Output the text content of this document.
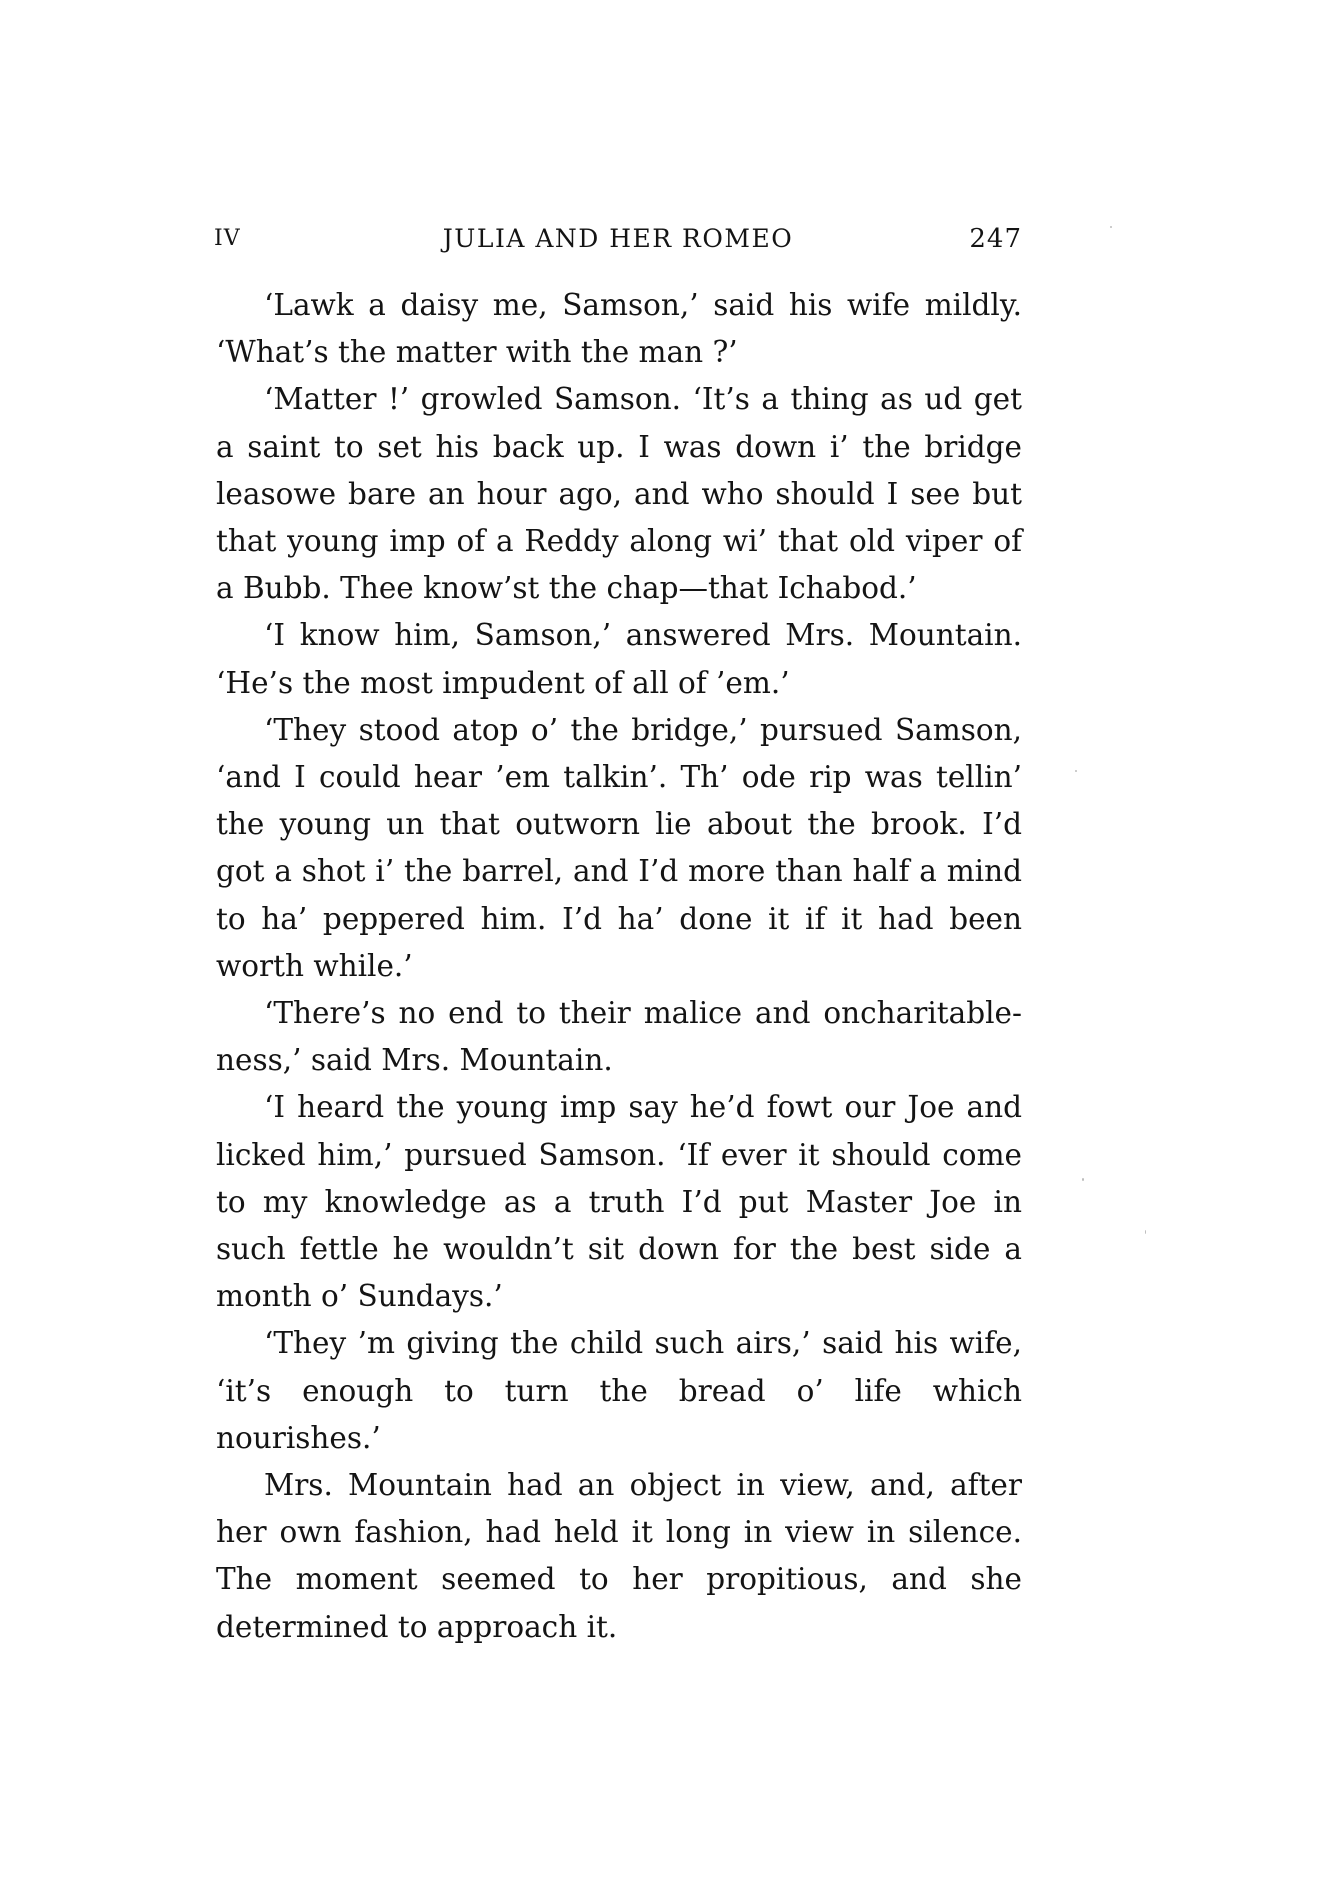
IV	JULIA AND HER ROMEO	247

‘Lawk a daisy me, Samson,’ said his wife mildly. ‘What’s the matter with the man ?’

‘Matter !’ growled Samson. ‘It’s a thing as ud get a saint to set his back up. I was down i’ the bridge leasowe bare an hour ago, and who should I see but that young imp of a Reddy along wi’ that old viper of a Bubb. Thee know’st the chap—that Ichabod.’

‘I know him, Samson,’ answered Mrs. Mountain. ‘He’s the most impudent of all of ’em.’

‘They stood atop o’ the bridge,’ pursued Samson, ‘and I could hear ’em talkin’. Th’ ode rip was tellin’ the young un that outworn lie about the brook. I’d got a shot i’ the barrel, and I’d more than half a mind to ha’ peppered him. I’d ha’ done it if it had been worth while.’

‘There’s no end to their malice and oncharitableness,’ said Mrs. Mountain.

‘I heard the young imp say he’d fowt our Joe and licked him,’ pursued Samson. ‘If ever it should come to my knowledge as a truth I’d put Master Joe in such fettle he wouldn’t sit down for the best side a month o’ Sundays.’

‘They ’m giving the child such airs,’ said his wife, ‘it’s enough to turn the bread o’ life which nourishes.’

Mrs. Mountain had an object in view, and, after her own fashion, had held it long in view in silence. The moment seemed to her propitious, and she determined to approach it.
